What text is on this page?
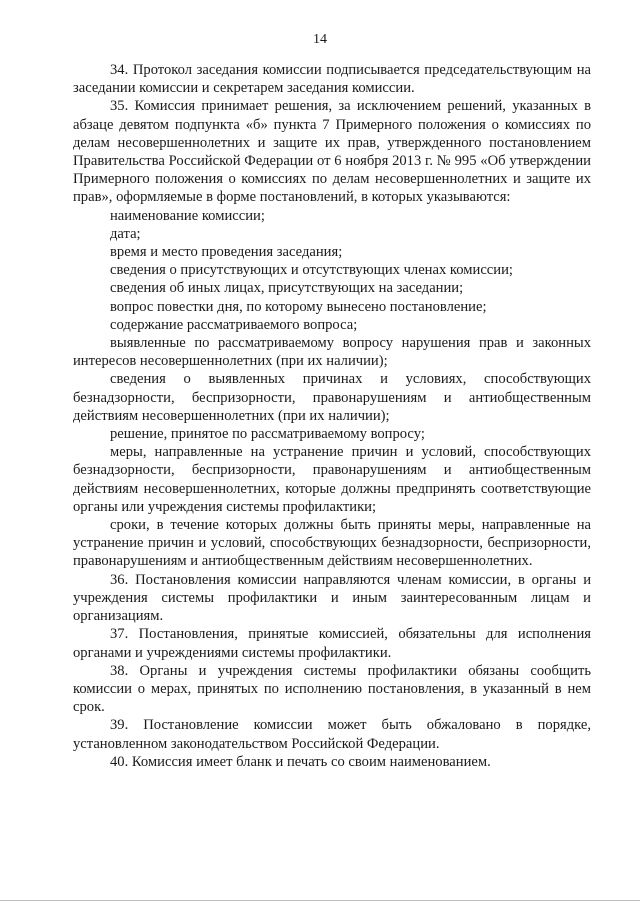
14

34. Протокол заседания комиссии подписывается председательствующим на заседании комиссии и секретарем заседания комиссии.

35. Комиссия принимает решения, за исключением решений, указанных в абзаце девятом подпункта «б» пункта 7 Примерного положения о комиссиях по делам несовершеннолетних и защите их прав, утвержденного постановлением Правительства Российской Федерации от 6 ноября 2013 г. № 995 «Об утверждении Примерного положения о комиссиях по делам несовершеннолетних и защите их прав», оформляемые в форме постановлений, в которых указываются:

наименование комиссии;

дата;

время и место проведения заседания;

сведения о присутствующих и отсутствующих членах комиссии;

сведения об иных лицах, присутствующих на заседании;

вопрос повестки дня, по которому вынесено постановление;

содержание рассматриваемого вопроса;

выявленные по рассматриваемому вопросу нарушения прав и законных интересов несовершеннолетних (при их наличии);

сведения о выявленных причинах и условиях, способствующих безнадзорности, беспризорности, правонарушениям и антиобщественным действиям несовершеннолетних (при их наличии);

решение, принятое по рассматриваемому вопросу;

меры, направленные на устранение причин и условий, способствующих безнадзорности, беспризорности, правонарушениям и антиобщественным действиям несовершеннолетних, которые должны предпринять соответствующие органы или учреждения системы профилактики;

сроки, в течение которых должны быть приняты меры, направленные на устранение причин и условий, способствующих безнадзорности, беспризорности, правонарушениям и антиобщественным действиям несовершеннолетних.

36. Постановления комиссии направляются членам комиссии, в органы и учреждения системы профилактики и иным заинтересованным лицам и организациям.

37. Постановления, принятые комиссией, обязательны для исполнения органами и учреждениями системы профилактики.

38. Органы и учреждения системы профилактики обязаны сообщить комиссии о мерах, принятых по исполнению постановления, в указанный в нем срок.

39. Постановление комиссии может быть обжаловано в порядке, установленном законодательством Российской Федерации.

40. Комиссия имеет бланк и печать со своим наименованием.
